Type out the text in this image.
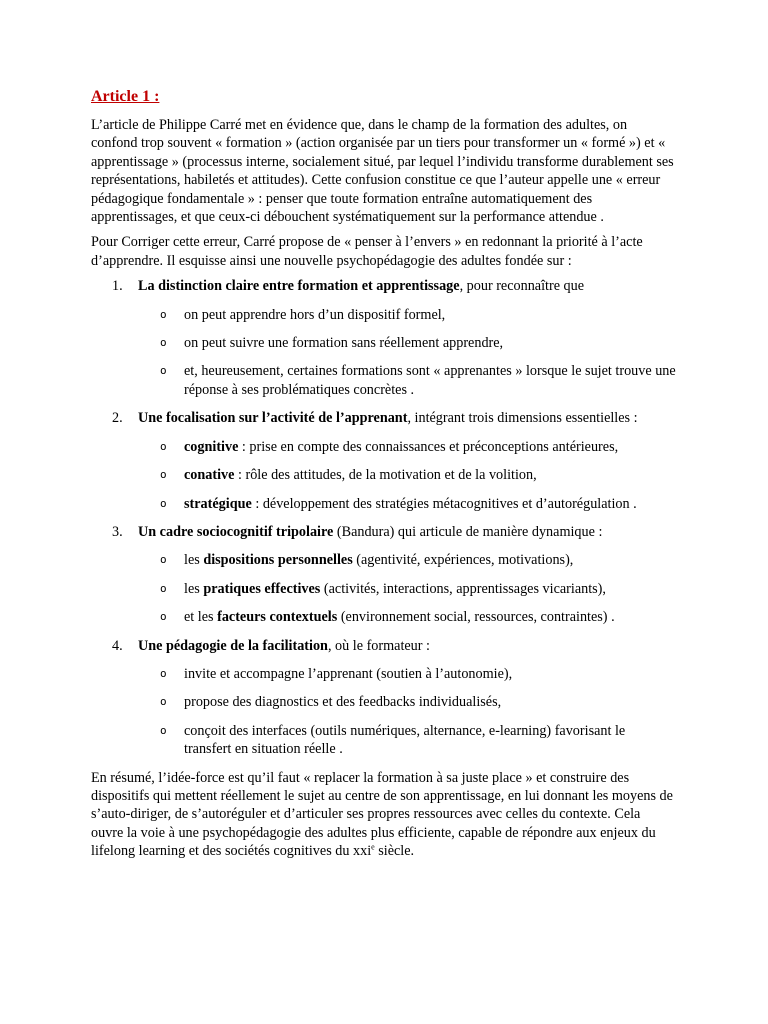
Article 1 :

L’article de Philippe Carré met en évidence que, dans le champ de la formation des adultes, on confond trop souvent « formation » (action organisée par un tiers pour transformer un « formé ») et « apprentissage » (processus interne, socialement situé, par lequel l’individu transforme durablement ses représentations, habiletés et attitudes). Cette confusion constitue ce que l’auteur appelle une « erreur pédagogique fondamentale » : penser que toute formation entraîne automatiquement des apprentissages, et que ceux-ci débouchent systématiquement sur la performance attendue .

Pour Corriger cette erreur, Carré propose de « penser à l’envers » en redonnant la priorité à l’acte d’apprendre. Il esquisse ainsi une nouvelle psychopédagogie des adultes fondée sur :

1. La distinction claire entre formation et apprentissage, pour reconnaître que
o on peut apprendre hors d’un dispositif formel,
o on peut suivre une formation sans réellement apprendre,
o et, heureusement, certaines formations sont « apprenantes » lorsque le sujet trouve une réponse à ses problématiques concrètes .
2. Une focalisation sur l’activité de l’apprenant, intégrant trois dimensions essentielles :
o cognitive : prise en compte des connaissances et préconceptions antérieures,
o conative : rôle des attitudes, de la motivation et de la volition,
o stratégique : développement des stratégies métacognitives et d’autorégulation .
3. Un cadre sociocognitif tripolaire (Bandura) qui articule de manière dynamique :
o les dispositions personnelles (agentivité, expériences, motivations),
o les pratiques effectives (activités, interactions, apprentissages vicariants),
o et les facteurs contextuels (environnement social, ressources, contraintes) .
4. Une pédagogie de la facilitation, où le formateur :
o invite et accompagne l’apprenant (soutien à l’autonomie),
o propose des diagnostics et des feedbacks individualisés,
o conçoit des interfaces (outils numériques, alternance, e-learning) favorisant le transfert en situation réelle .

En résumé, l’idée-force est qu’il faut « replacer la formation à sa juste place » et construire des dispositifs qui mettent réellement le sujet au centre de son apprentissage, en lui donnant les moyens de s’auto-diriger, de s’autoréguler et d’articuler ses propres ressources avec celles du contexte. Cela ouvre la voie à une psychopédagogie des adultes plus efficiente, capable de répondre aux enjeux du lifelong learning et des sociétés cognitives du xxi$^e$ siècle.
